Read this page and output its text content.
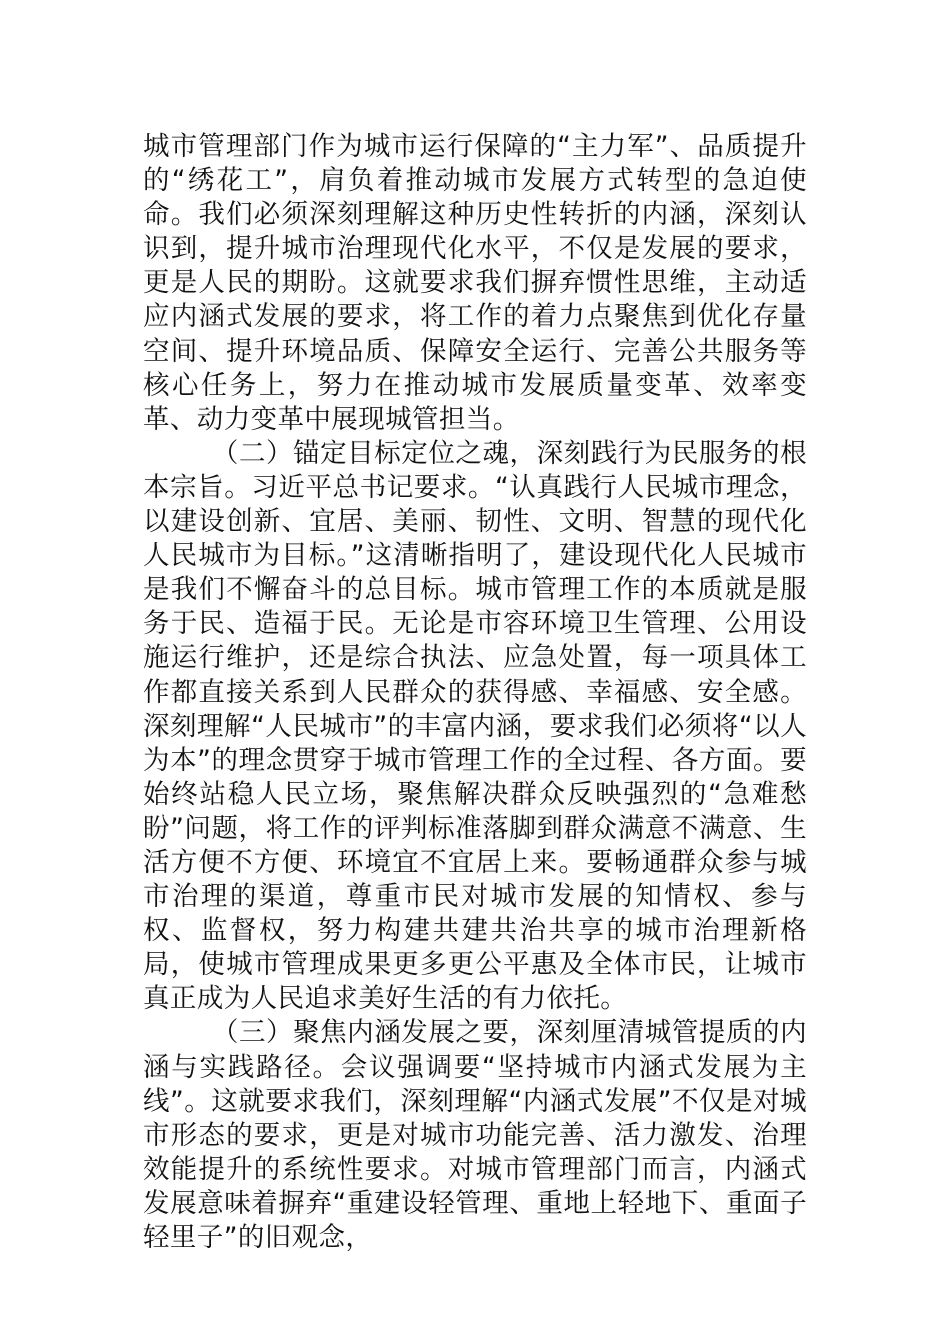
城市管理部门作为城市运行保障的“主力军”、品质提升的“绣花工”，肩负着推动城市发展方式转型的急迫使命。我们必须深刻理解这种历史性转折的内涵，深刻认识到，提升城市治理现代化水平，不仅是发展的要求，更是人民的期盼。这就要求我们摒弃惯性思维，主动适应内涵式发展的要求，将工作的着力点聚焦到优化存量空间、提升环境品质、保障安全运行、完善公共服务等核心任务上，努力在推动城市发展质量变革、效率变革、动力变革中展现城管担当。

（二）锚定目标定位之魂，深刻践行为民服务的根本宗旨。习近平总书记要求。“认真践行人民城市理念，以建设创新、宜居、美丽、韧性、文明、智慧的现代化人民城市为目标。”这清晰指明了，建设现代化人民城市是我们不懈奋斗的总目标。城市管理工作的本质就是服务于民、造福于民。无论是市容环境卫生管理、公用设施运行维护，还是综合执法、应急处置，每一项具体工作都直接关系到人民群众的获得感、幸福感、安全感。深刻理解“人民城市”的丰富内涵，要求我们必须将“以人为本”的理念贯穿于城市管理工作的全过程、各方面。要始终站稳人民立场，聚焦解决群众反映强烈的“急难愁盼”问题，将工作的评判标准落脚到群众满意不满意、生活方便不方便、环境宜不宜居上来。要畅通群众参与城市治理的渠道，尊重市民对城市发展的知情权、参与权、监督权，努力构建共建共治共享的城市治理新格局，使城市管理成果更多更公平惠及全体市民，让城市真正成为人民追求美好生活的有力依托。

（三）聚焦内涵发展之要，深刻厘清城管提质的内涵与实践路径。会议强调要“坚持城市内涵式发展为主线”。这就要求我们，深刻理解“内涵式发展”不仅是对城市形态的要求，更是对城市功能完善、活力激发、治理效能提升的系统性要求。对城市管理部门而言，内涵式发展意味着摒弃“重建设轻管理、重地上轻地下、重面子轻里子”的旧观念，
